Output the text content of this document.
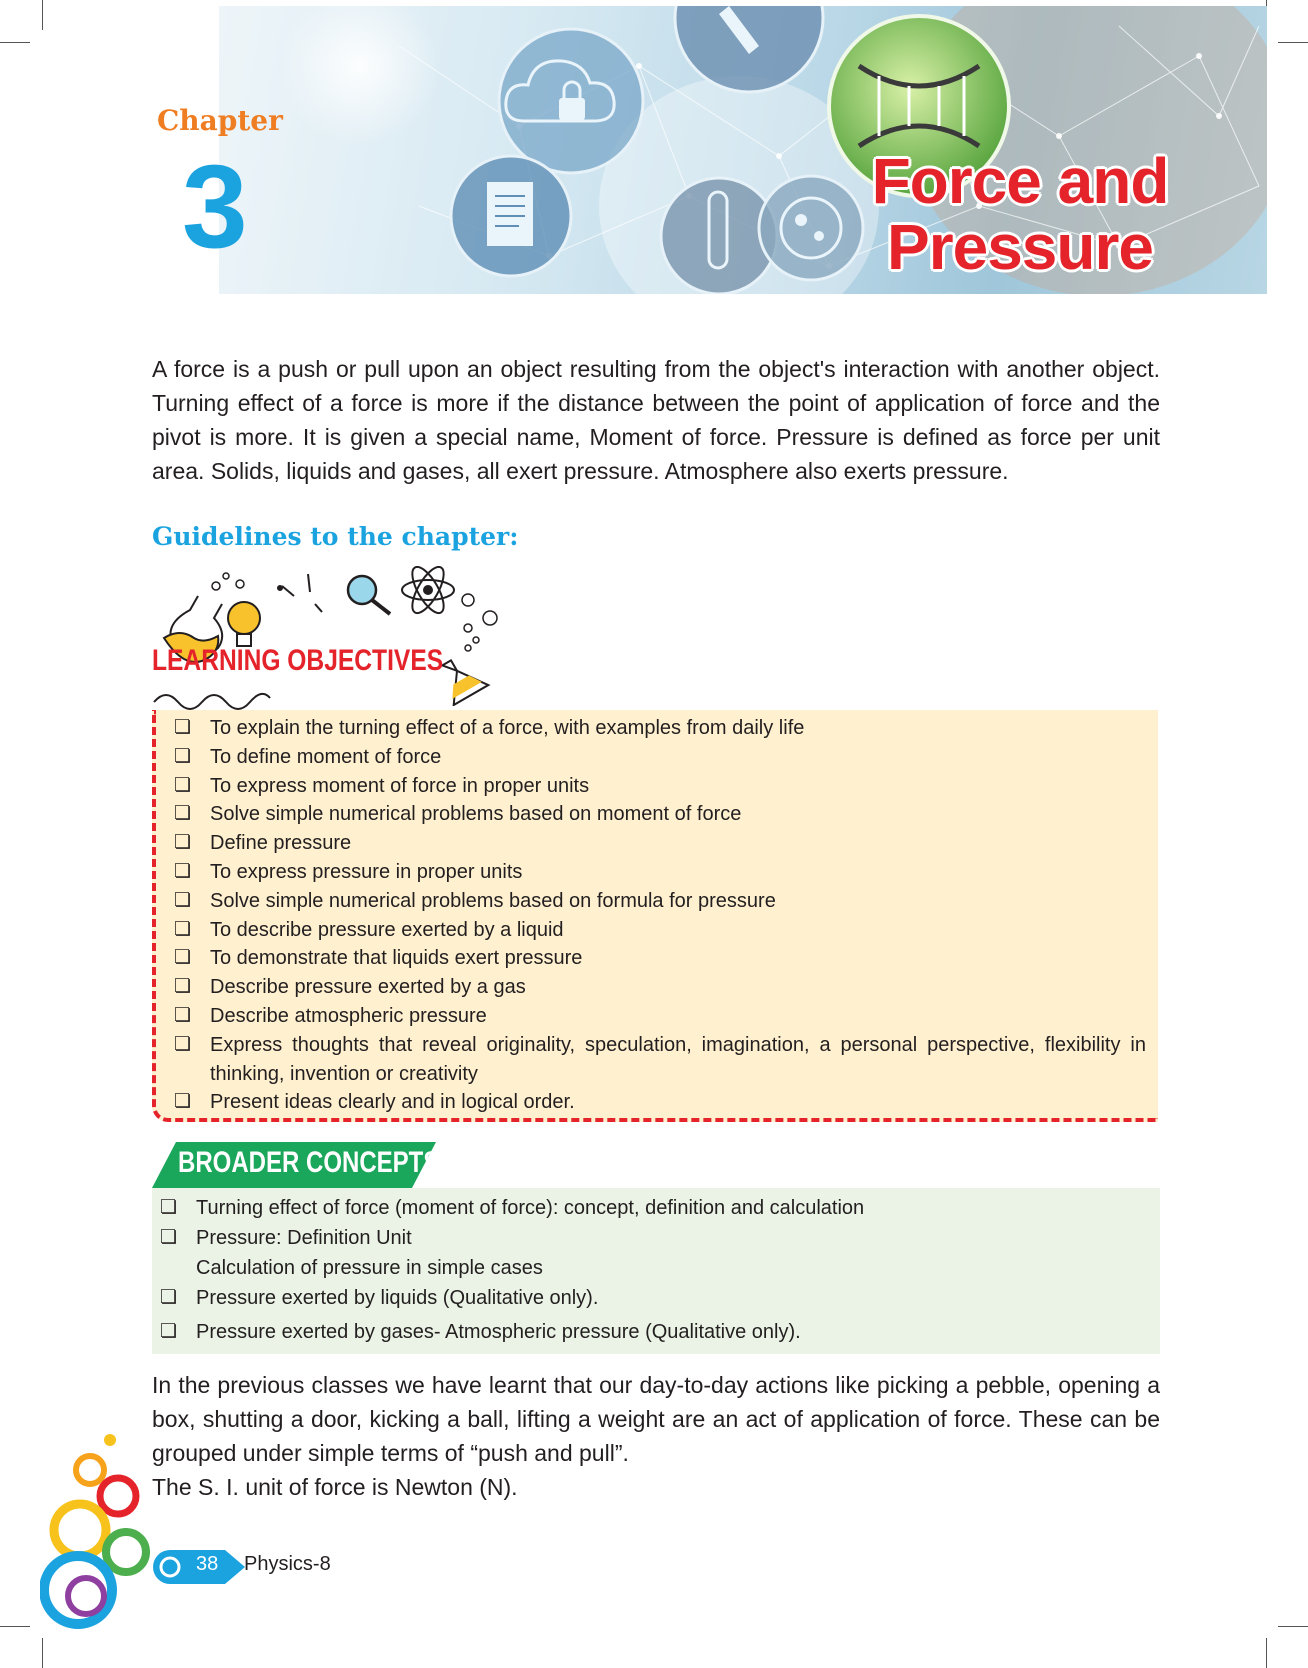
Chapter
3	Force and
Pressure

A force is a push or pull upon an object resulting from the object's interaction with another object. Turning effect of a force is more if the distance between the point of application of force and the pivot is more. It is given a special name, Moment of force. Pressure is defined as force per unit area. Solids, liquids and gases, all exert pressure. Atmosphere also exerts pressure.

Guidelines to the chapter:
LEARNING OBJECTIVES
❏ To explain the turning effect of a force, with examples from daily life
❏ To define moment of force
❏ To express moment of force in proper units
❏ Solve simple numerical problems based on moment of force
❏ Define pressure
❏ To express pressure in proper units
❏ Solve simple numerical problems based on formula for pressure
❏ To describe pressure exerted by a liquid
❏ To demonstrate that liquids exert pressure
❏ Describe pressure exerted by a gas
❏ Describe atmospheric pressure
❏ Express thoughts that reveal originality, speculation, imagination, a personal perspective, flexibility in thinking, invention or creativity
❏ Present ideas clearly and in logical order.
BROADER CONCEPTS
❏ Turning effect of force (moment of force): concept, definition and calculation
❏ Pressure: Definition Unit
Calculation of pressure in simple cases
❏ Pressure exerted by liquids (Qualitative only).
❏ Pressure exerted by gases- Atmospheric pressure (Qualitative only).

In the previous classes we have learnt that our day-to-day actions like picking a pebble, opening a box, shutting a door, kicking a ball, lifting a weight are an act of application of force. These can be grouped under simple terms of “push and pull”.

The S. I. unit of force is Newton (N).

38 Physics-8
